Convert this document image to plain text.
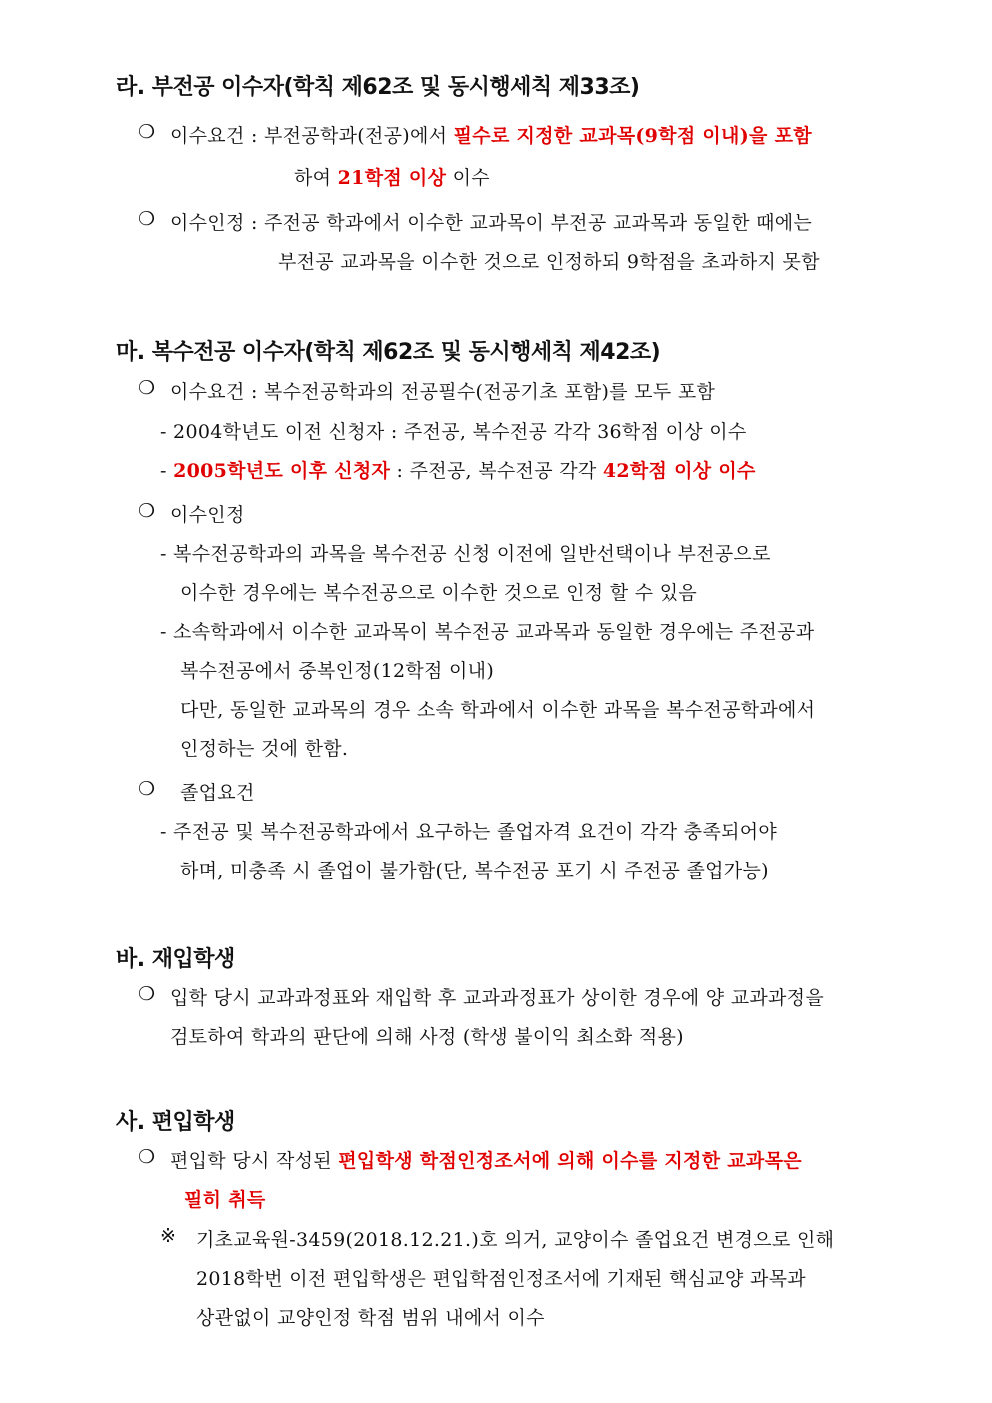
라. 부전공 이수자(학칙 제62조 및 동시행세칙 제33조)
❍ 이수요건 : 부전공학과(전공)에서 필수로 지정한 교과목(9학점 이내)을 포함
하여 21학점 이상 이수
❍ 이수인정 : 주전공 학과에서 이수한 교과목이 부전공 교과목과 동일한 때에는
부전공 교과목을 이수한 것으로 인정하되 9학점을 초과하지 못함
마. 복수전공 이수자(학칙 제62조 및 동시행세칙 제42조)
❍ 이수요건 : 복수전공학과의 전공필수(전공기초 포함)를 모두 포함
- 2004학년도 이전 신청자 : 주전공, 복수전공 각각 36학점 이상 이수
- 2005학년도 이후 신청자 : 주전공, 복수전공 각각 42학점 이상 이수
❍ 이수인정
- 복수전공학과의 과목을 복수전공 신청 이전에 일반선택이나 부전공으로
이수한 경우에는 복수전공으로 이수한 것으로 인정 할 수 있음
- 소속학과에서 이수한 교과목이 복수전공 교과목과 동일한 경우에는 주전공과
복수전공에서 중복인정(12학점 이내)
다만, 동일한 교과목의 경우 소속 학과에서 이수한 과목을 복수전공학과에서
인정하는 것에 한함.
❍ 졸업요건
- 주전공 및 복수전공학과에서 요구하는 졸업자격 요건이 각각 충족되어야
하며, 미충족 시 졸업이 불가함(단, 복수전공 포기 시 주전공 졸업가능)
바. 재입학생
❍ 입학 당시 교과과정표와 재입학 후 교과과정표가 상이한 경우에 양 교과과정을
검토하여 학과의 판단에 의해 사정 (학생 불이익 최소화 적용)
사. 편입학생
❍ 편입학 당시 작성된 편입학생 학점인정조서에 의해 이수를 지정한 교과목은
필히 취득
※ 기초교육원-3459(2018.12.21.)호 의거, 교양이수 졸업요건 변경으로 인해
2018학번 이전 편입학생은 편입학점인정조서에 기재된 핵심교양 과목과
상관없이 교양인정 학점 범위 내에서 이수
